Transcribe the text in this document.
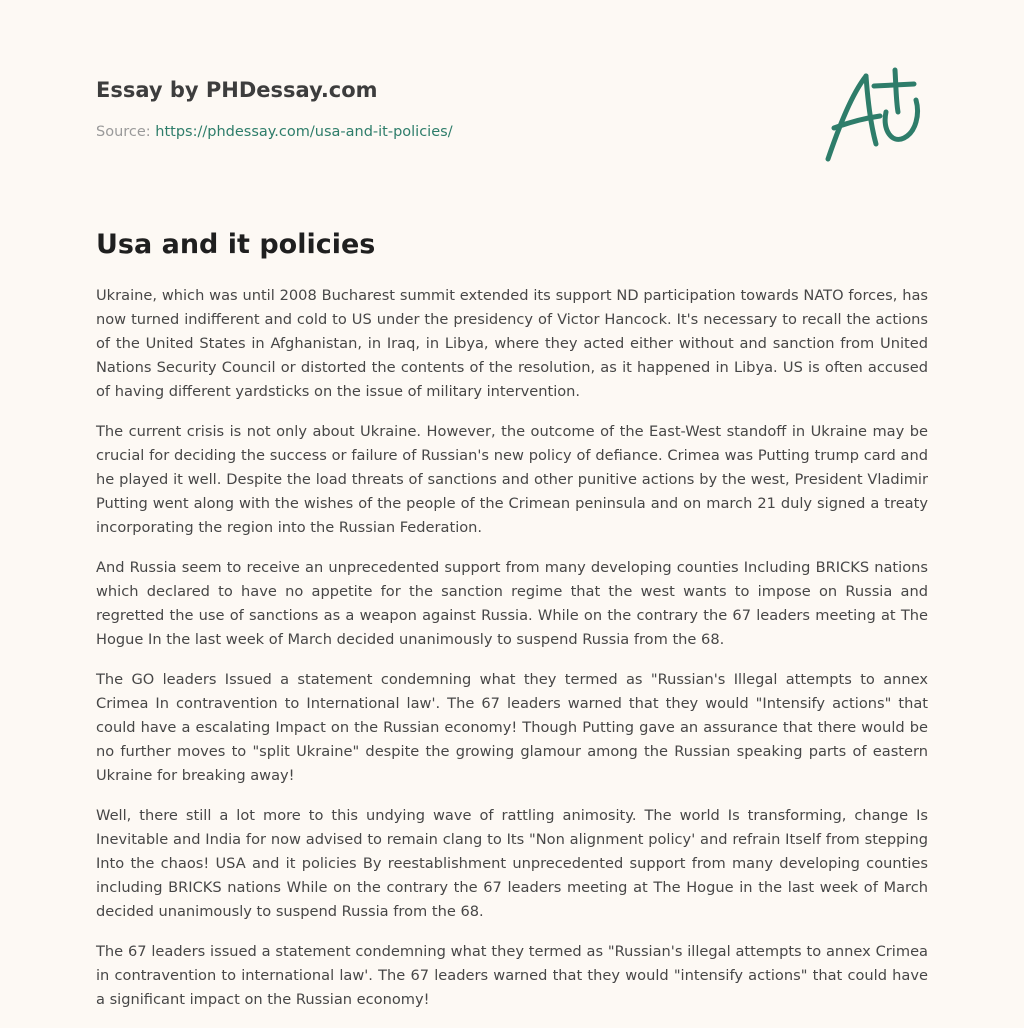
Essay by PHDessay.com
Source: https://phdessay.com/usa-and-it-policies/
Usa and it policies

Ukraine, which was until 2008 Bucharest summit extended its support ND participation towards NATO forces, has now turned indifferent and cold to US under the presidency of Victor Hancock. It's necessary to recall the actions of the United States in Afghanistan, in Iraq, in Libya, where they acted either without and sanction from United Nations Security Council or distorted the contents of the resolution, as it happened in Libya. US is often accused of having different yardsticks on the issue of military intervention.

The current crisis is not only about Ukraine. However, the outcome of the East-West standoff in Ukraine may be crucial for deciding the success or failure of Russian's new policy of defiance. Crimea was Putting trump card and he played it well. Despite the load threats of sanctions and other punitive actions by the west, President Vladimir Putting went along with the wishes of the people of the Crimean peninsula and on march 21 duly signed a treaty incorporating the region into the Russian Federation.

And Russia seem to receive an unprecedented support from many developing counties Including BRICKS nations which declared to have no appetite for the sanction regime that the west wants to impose on Russia and regretted the use of sanctions as a weapon against Russia. While on the contrary the 67 leaders meeting at The Hogue In the last week of March decided unanimously to suspend Russia from the 68.

The GO leaders Issued a statement condemning what they termed as "Russian's Illegal attempts to annex Crimea In contravention to International law'. The 67 leaders warned that they would "Intensify actions" that could have a escalating Impact on the Russian economy! Though Putting gave an assurance that there would be no further moves to "split Ukraine" despite the growing glamour among the Russian speaking parts of eastern Ukraine for breaking away!

Well, there still a lot more to this undying wave of rattling animosity. The world Is transforming, change Is Inevitable and India for now advised to remain clang to Its "Non alignment policy' and refrain Itself from stepping Into the chaos! USA and it policies By reestablishment unprecedented support from many developing counties including BRICKS nations While on the contrary the 67 leaders meeting at The Hogue in the last week of March decided unanimously to suspend Russia from the 68.

The 67 leaders issued a statement condemning what they termed as "Russian's illegal attempts to annex Crimea in contravention to international law'. The 67 leaders warned that they would "intensify actions" that could have a significant impact on the Russian economy!
